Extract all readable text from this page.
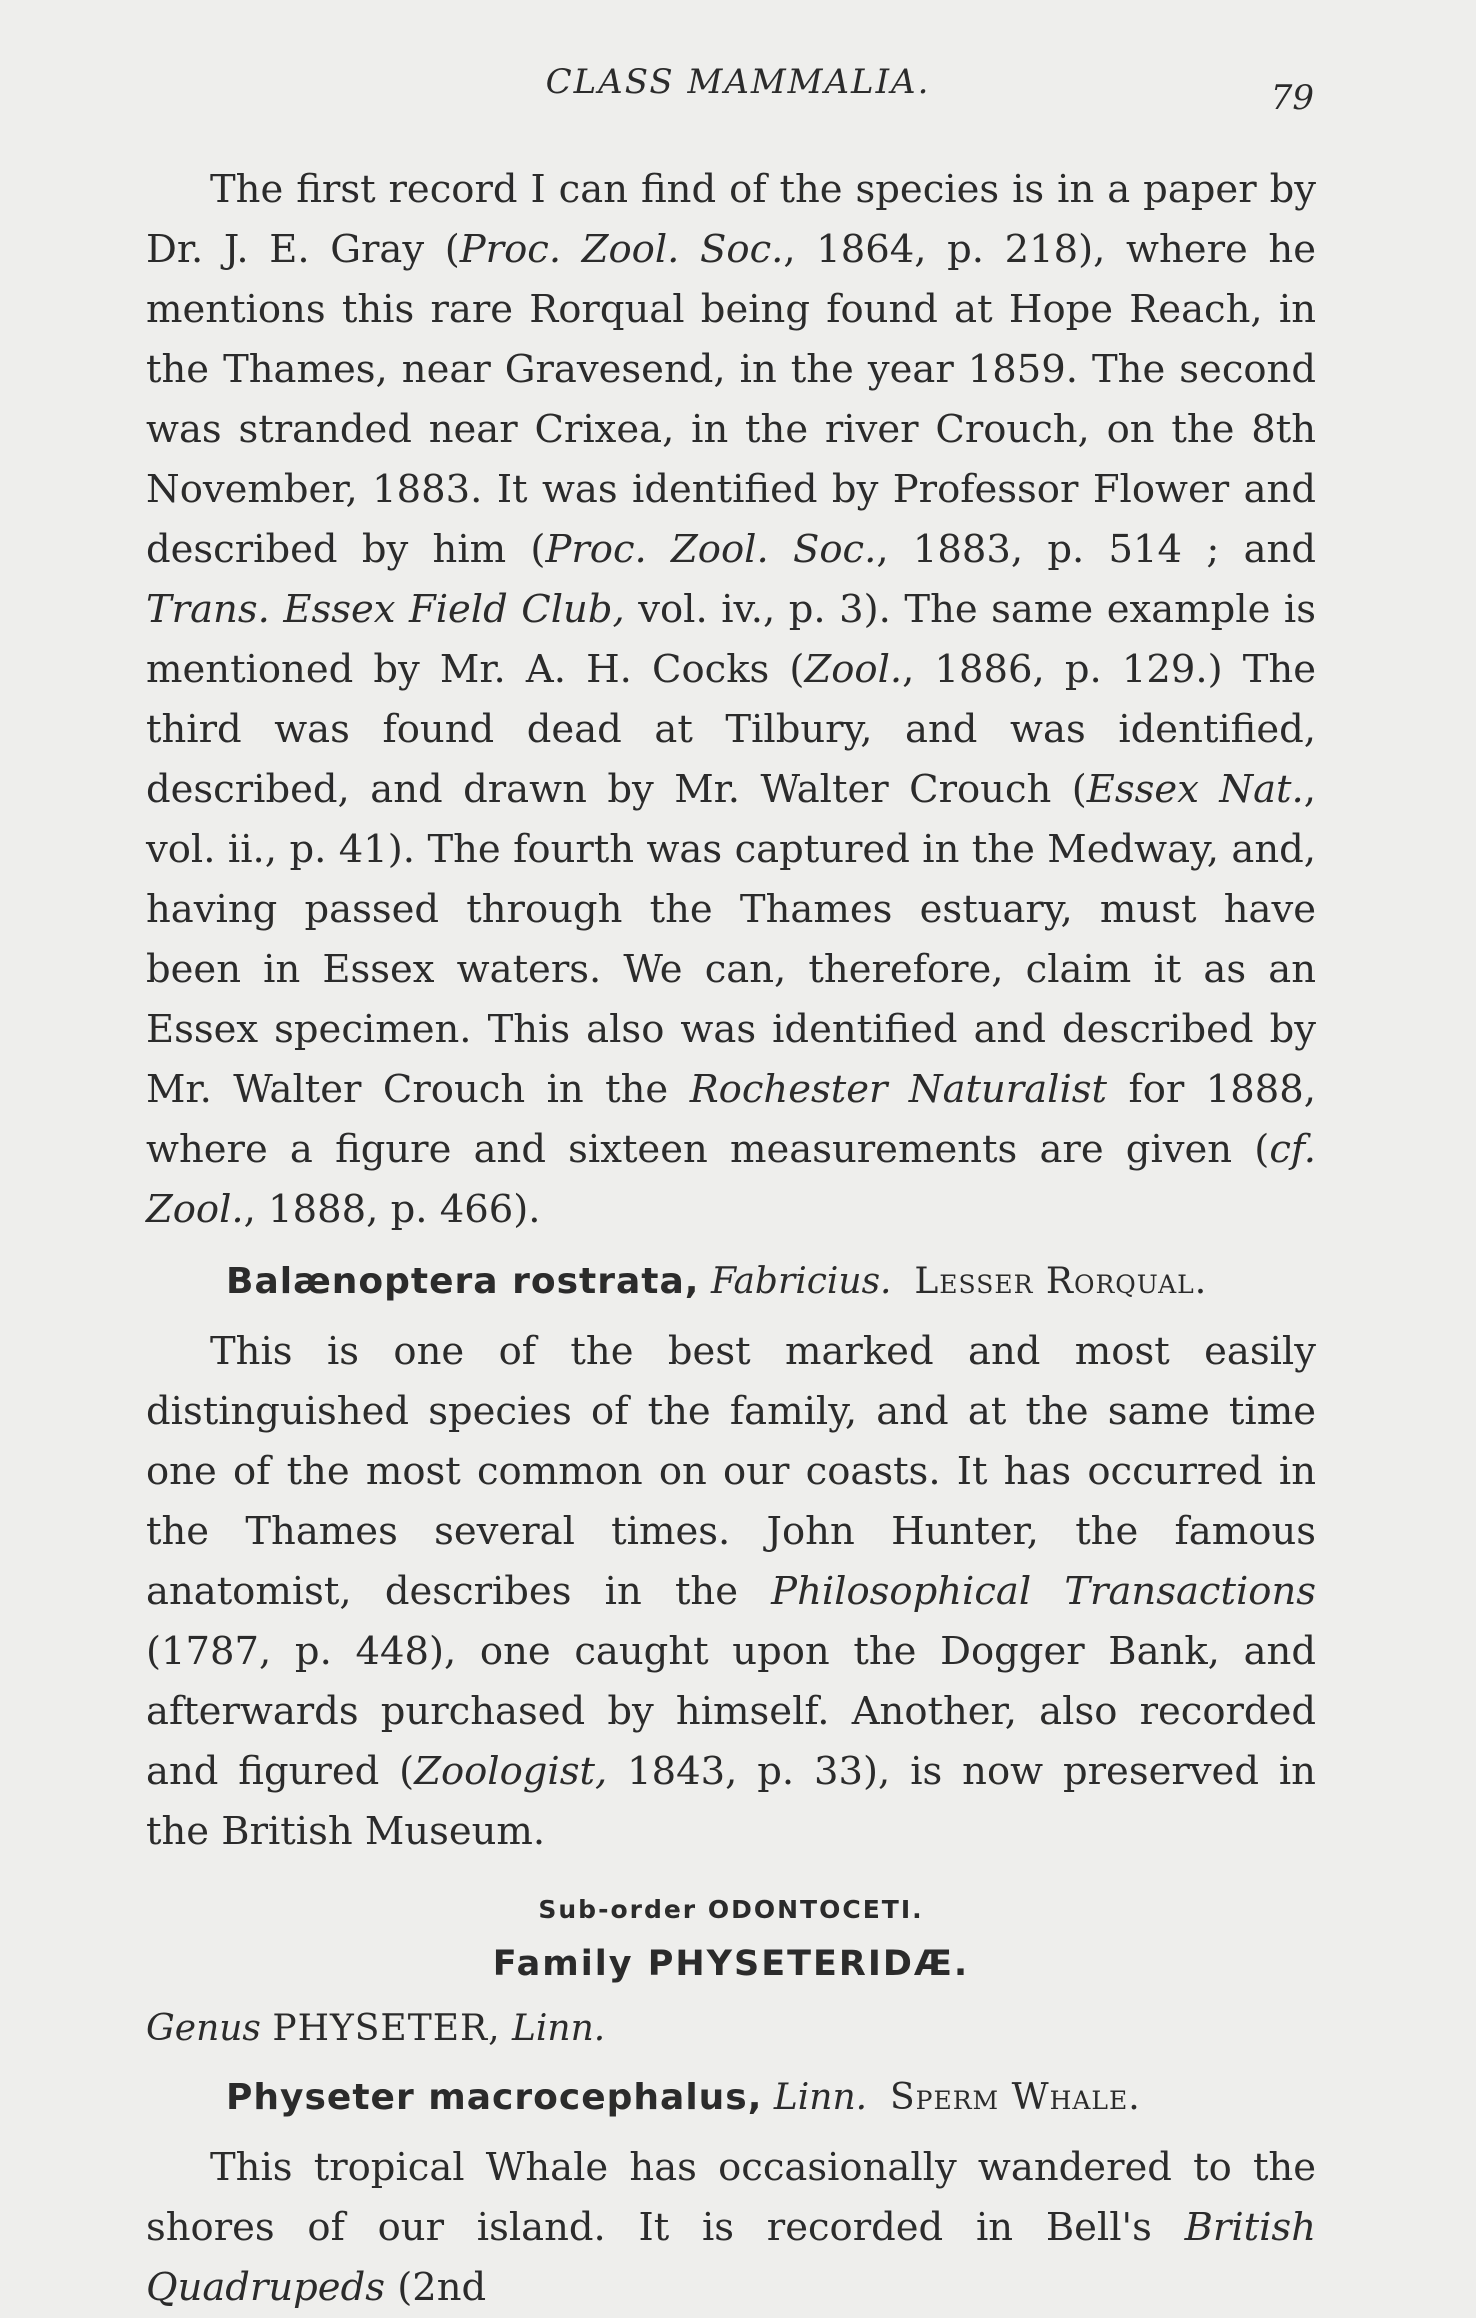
CLASS MAMMALIA.	79

The first record I can find of the species is in a paper by Dr. J. E. Gray (Proc. Zool. Soc., 1864, p. 218), where he mentions this rare Rorqual being found at Hope Reach, in the Thames, near Gravesend, in the year 1859. The second was stranded near Crixea, in the river Crouch, on the 8th November, 1883. It was identified by Professor Flower and described by him (Proc. Zool. Soc., 1883, p. 514 ; and Trans. Essex Field Club, vol. iv., p. 3). The same example is mentioned by Mr. A. H. Cocks (Zool., 1886, p. 129.) The third was found dead at Tilbury, and was identified, described, and drawn by Mr. Walter Crouch (Essex Nat., vol. ii., p. 41). The fourth was captured in the Medway, and, having passed through the Thames estuary, must have been in Essex waters. We can, therefore, claim it as an Essex specimen. This also was identified and described by Mr. Walter Crouch in the Rochester Naturalist for 1888, where a figure and sixteen measurements are given (cf. Zool., 1888, p. 466).

Balænoptera rostrata, Fabricius. Lesser Rorqual.

This is one of the best marked and most easily distinguished species of the family, and at the same time one of the most common on our coasts. It has occurred in the Thames several times. John Hunter, the famous anatomist, describes in the Philosophical Transactions (1787, p. 448), one caught upon the Dogger Bank, and afterwards purchased by himself. Another, also recorded and figured (Zoologist, 1843, p. 33), is now preserved in the British Museum.

Sub-order ODONTOCETI.
Family PHYSETERIDÆ.
Genus PHYSETER, Linn.
Physeter macrocephalus, Linn. Sperm Whale.

This tropical Whale has occasionally wandered to the shores of our island. It is recorded in Bell's British Quadrupeds (2nd
